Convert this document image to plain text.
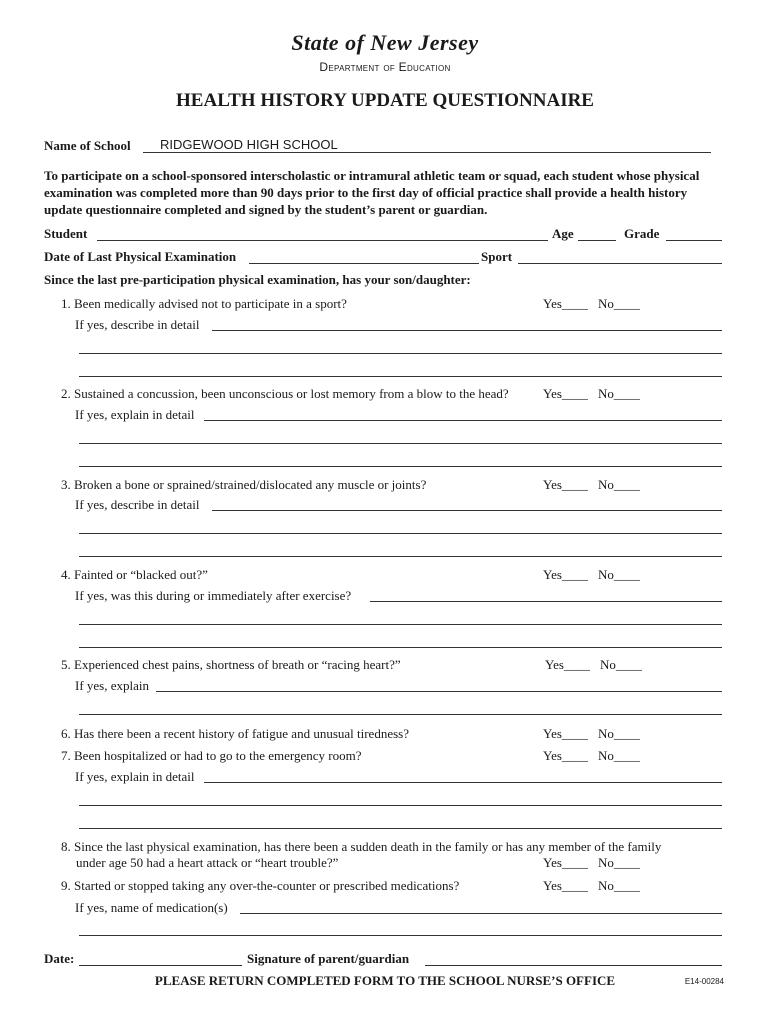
State of New Jersey
Department of Education
HEALTH HISTORY UPDATE QUESTIONNAIRE
Name of School RIDGEWOOD HIGH SCHOOL
To participate on a school-sponsored interscholastic or intramural athletic team or squad, each student whose physical examination was completed more than 90 days prior to the first day of official practice shall provide a health history update questionnaire completed and signed by the student’s parent or guardian.
Student	Age	Grade
Date of Last Physical Examination	Sport
Since the last pre-participation physical examination, has your son/daughter:
1. Been medically advised not to participate in a sport?	Yes____ No____
If yes, describe in detail
2. Sustained a concussion, been unconscious or lost memory from a blow to the head?	Yes____ No____
If yes, explain in detail
3. Broken a bone or sprained/strained/dislocated any muscle or joints?	Yes____ No____
If yes, describe in detail
4. Fainted or “blacked out?”	Yes____ No____
If yes, was this during or immediately after exercise?
5. Experienced chest pains, shortness of breath or “racing heart?”	Yes____ No____
If yes, explain
6. Has there been a recent history of fatigue and unusual tiredness?	Yes____ No____
7. Been hospitalized or had to go to the emergency room?	Yes____ No____
If yes, explain in detail
8. Since the last physical examination, has there been a sudden death in the family or has any member of the family
under age 50 had a heart attack or “heart trouble?”	Yes____ No____
9. Started or stopped taking any over-the-counter or prescribed medications?	Yes____ No____
If yes, name of medication(s)
Date:	Signature of parent/guardian
PLEASE RETURN COMPLETED FORM TO THE SCHOOL NURSE’S OFFICE	E14-00284
